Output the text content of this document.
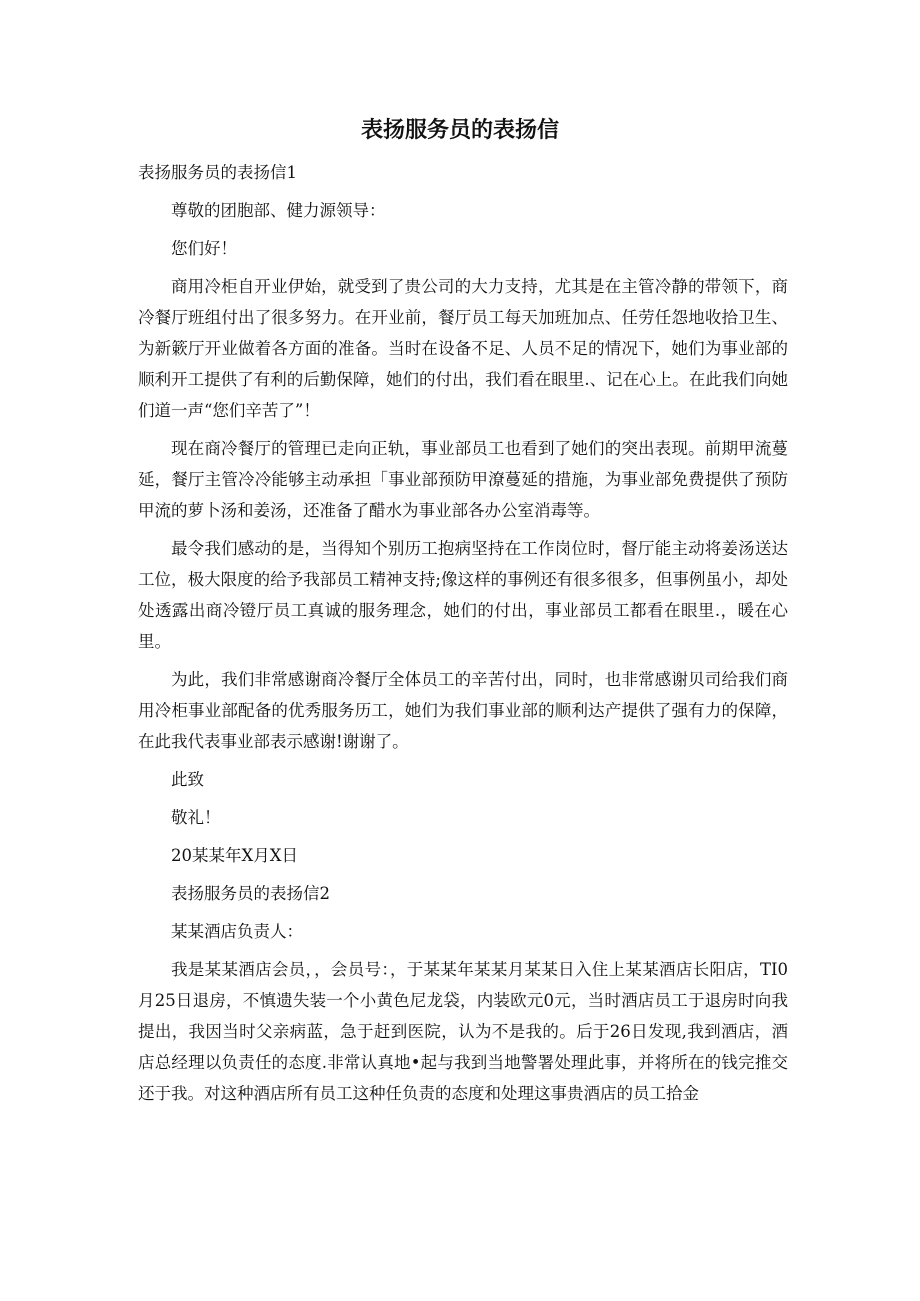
表扬服务员的表扬信

表扬服务员的表扬信1

尊敬的团胞部、健力源领导：

您们好！

商用冷柜自开业伊始，就受到了贵公司的大力支持，尤其是在主管冷静的带领下，商冷餐厅班组付出了很多努力。在开业前，餐厅员工每天加班加点、任劳任怨地收拾卫生、为新簌厅开业做着各方面的准备。当时在设备不足、人员不足的情况下，她们为事业部的顺利开工提供了有利的后勤保障，她们的付出，我们看在眼里.、记在心上。在此我们向她们道一声“您们辛苦了”！

现在商冷餐厅的管理已走向正轨，事业部员工也看到了她们的突出表现。前期甲流蔓延，餐厅主管冷冷能够主动承担「事业部预防甲潦蔓延的措施，为事业部免费提供了预防甲流的萝卜汤和姜汤，还准备了醋水为事业部各办公室消毒等。

最令我们感动的是，当得知个别历工抱病坚持在工作岗位时，督厅能主动将姜汤送达工位，极大限度的给予我部员工精神支持;像这样的事例还有很多很多，但事例虽小，却处处透露出商冷镫厅员工真诚的服务理念，她们的付出，事业部员工都看在眼里.，暖在心里。

为此，我们非常感谢商冷餐厅全体员工的辛苦付出，同时，也非常感谢贝司给我们商用冷柜事业部配备的优秀服务历工，她们为我们事业部的顺利达产提供了强有力的保障，在此我代表事业部表示感谢!谢谢了。

此致

敬礼！

20某某年X月X日

表扬服务员的表扬信2

某某酒店负责人：

我是某某酒店会员，，会员号：，于某某年某某月某某日入住上某某酒店长阳店，TI0月25日退房，不慎遗失装一个小黄色尼龙袋，内装欧元0元，当时酒店员工于退房时向我提出，我因当时父亲病蓝，急于赶到医院，认为不是我的。后于26日发现,我到酒店，酒店总经理以负责任的态度.非常认真地•起与我到当地警署处理此事，并将所在的钱完推交还于我。对这种酒店所有员工这种任负责的态度和处理这事贵酒店的员工拾金
